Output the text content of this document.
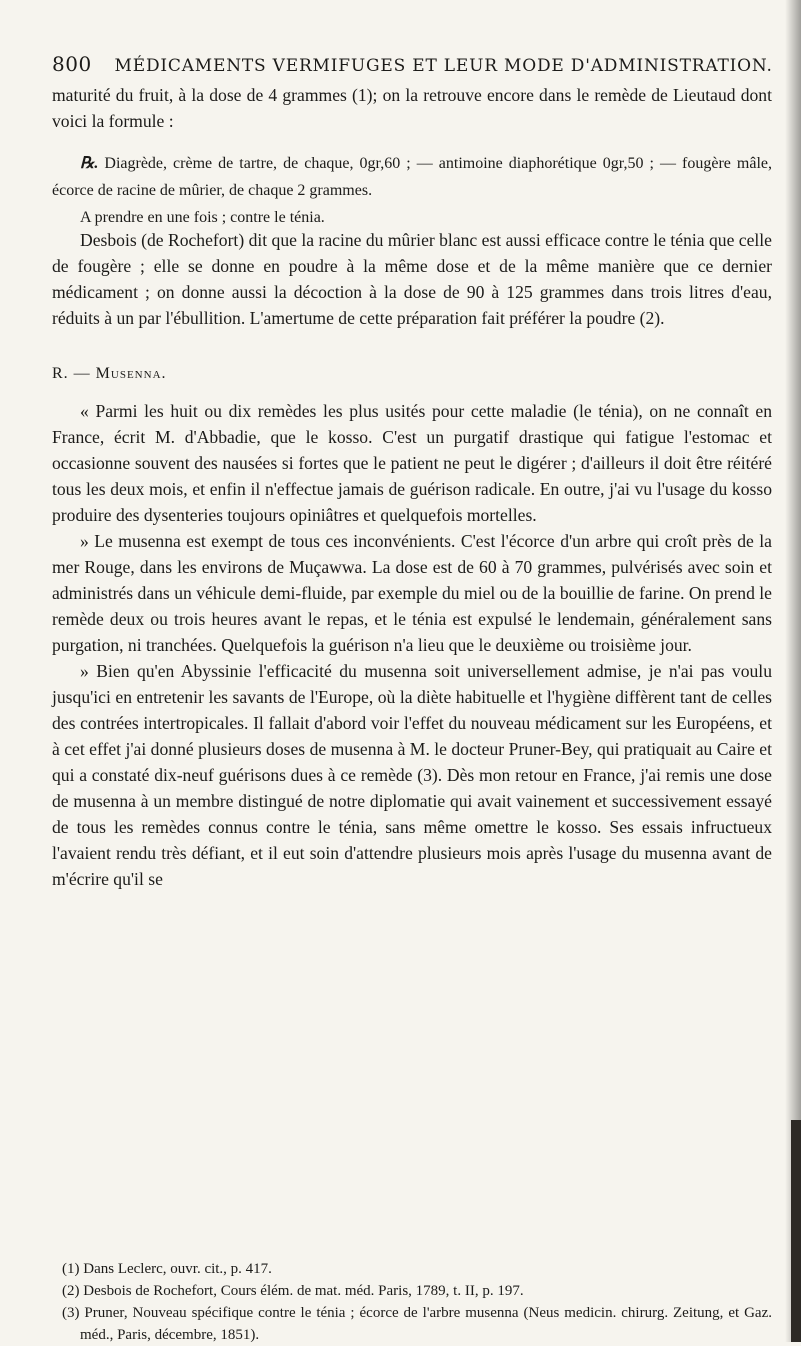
800 MÉDICAMENTS VERMIFUGES ET LEUR MODE D'ADMINISTRATION.

maturité du fruit, à la dose de 4 grammes (1); on la retrouve encore dans le remède de Lieutaud dont voici la formule :

℞. Diagrède, crème de tartre, de chaque, 0gr,60 ; — antimoine diaphorétique 0gr,50 ; — fougère mâle, écorce de racine de mûrier, de chaque 2 grammes.

A prendre en une fois ; contre le ténia.

Desbois (de Rochefort) dit que la racine du mûrier blanc est aussi efficace contre le ténia que celle de fougère ; elle se donne en poudre à la même dose et de la même manière que ce dernier médicament ; on donne aussi la décoction à la dose de 90 à 125 grammes dans trois litres d'eau, réduits à un par l'ébullition. L'amertume de cette préparation fait préférer la poudre (2).

R. — Musenna.

« Parmi les huit ou dix remèdes les plus usités pour cette maladie (le ténia), on ne connaît en France, écrit M. d'Abbadie, que le kosso. C'est un purgatif drastique qui fatigue l'estomac et occasionne souvent des nausées si fortes que le patient ne peut le digérer ; d'ailleurs il doit être réitéré tous les deux mois, et enfin il n'effectue jamais de guérison radicale. En outre, j'ai vu l'usage du kosso produire des dysenteries toujours opiniâtres et quelquefois mortelles.

» Le musenna est exempt de tous ces inconvénients. C'est l'écorce d'un arbre qui croît près de la mer Rouge, dans les environs de Muçawwa. La dose est de 60 à 70 grammes, pulvérisés avec soin et administrés dans un véhicule demi-fluide, par exemple du miel ou de la bouillie de farine. On prend le remède deux ou trois heures avant le repas, et le ténia est expulsé le lendemain, généralement sans purgation, ni tranchées. Quelquefois la guérison n'a lieu que le deuxième ou troisième jour.

» Bien qu'en Abyssinie l'efficacité du musenna soit universellement admise, je n'ai pas voulu jusqu'ici en entretenir les savants de l'Europe, où la diète habituelle et l'hygiène diffèrent tant de celles des contrées intertropicales. Il fallait d'abord voir l'effet du nouveau médicament sur les Européens, et à cet effet j'ai donné plusieurs doses de musenna à M. le docteur Pruner-Bey, qui pratiquait au Caire et qui a constaté dix-neuf guérisons dues à ce remède (3). Dès mon retour en France, j'ai remis une dose de musenna à un membre distingué de notre diplomatie qui avait vainement et successivement essayé de tous les remèdes connus contre le ténia, sans même omettre le kosso. Ses essais infructueux l'avaient rendu très défiant, et il eut soin d'attendre plusieurs mois après l'usage du musenna avant de m'écrire qu'il se

(1) Dans Leclerc, ouvr. cit., p. 417.

(2) Desbois de Rochefort, Cours élém. de mat. méd. Paris, 1789, t. II, p. 197.

(3) Pruner, Nouveau spécifique contre le ténia ; écorce de l'arbre musenna (Neus medicin. chirurg. Zeitung, et Gaz. méd., Paris, décembre, 1851).
